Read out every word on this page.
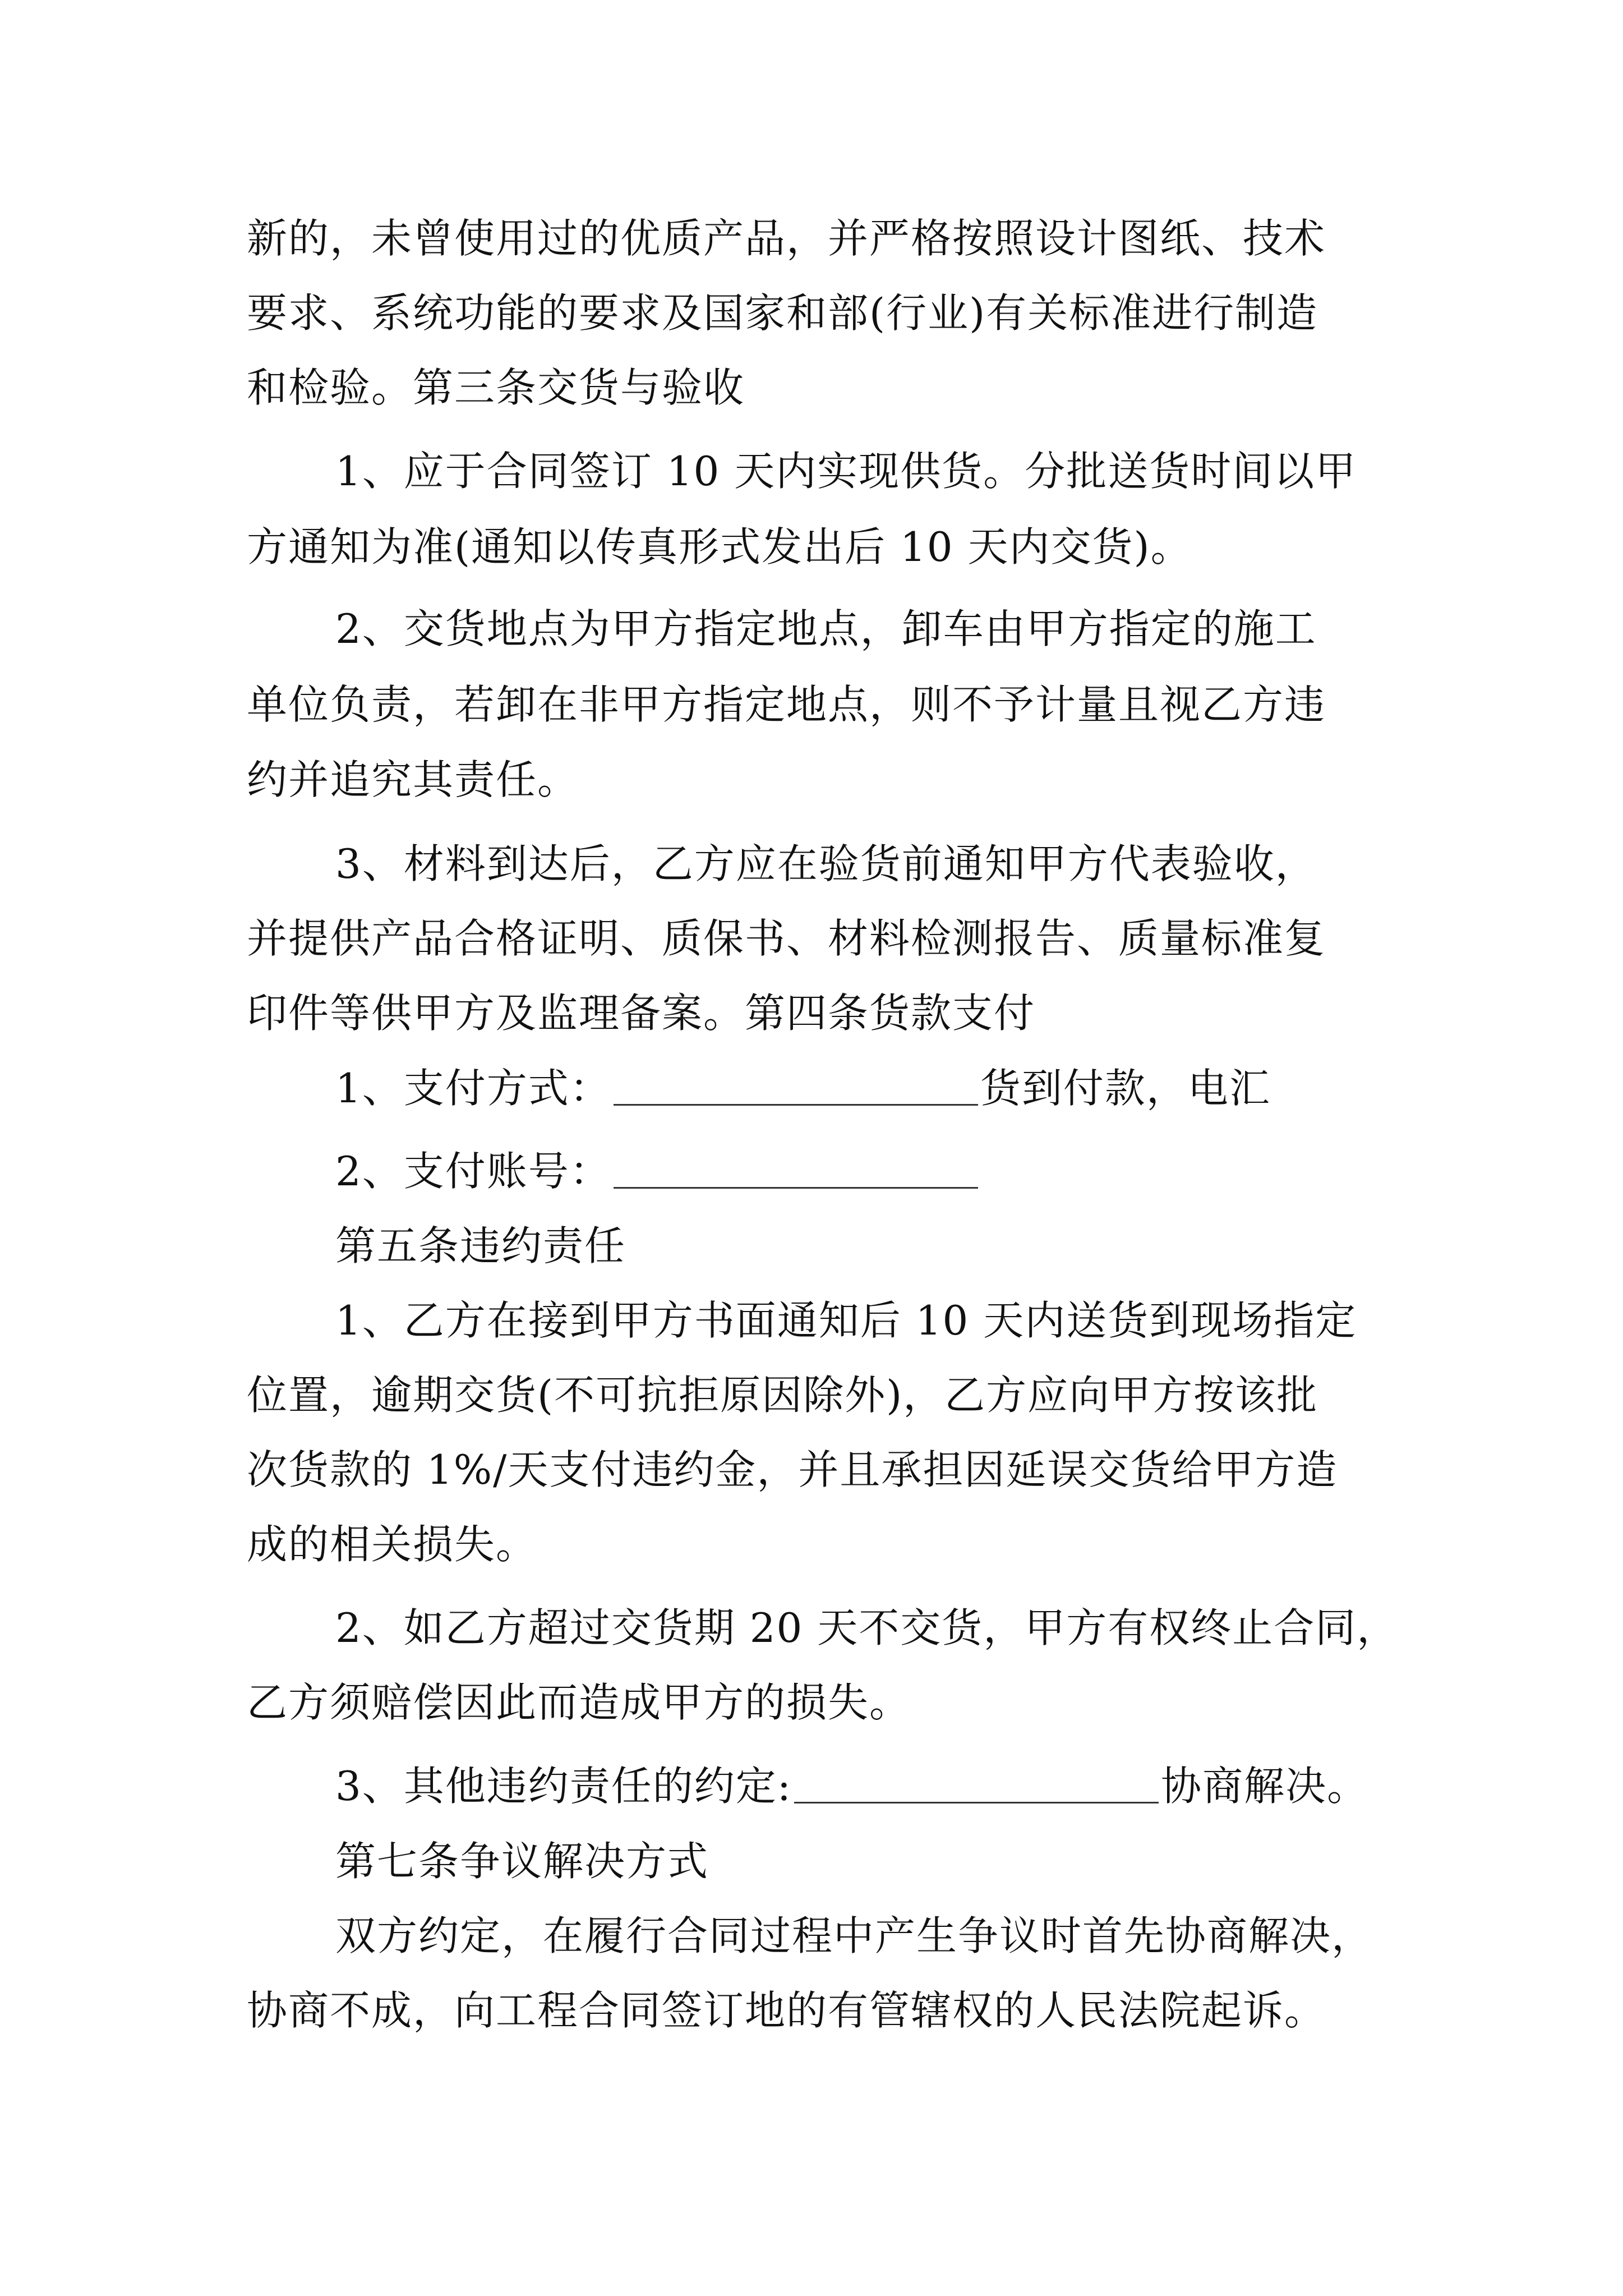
新的，未曾使用过的优质产品，并严格按照设计图纸、技术
要求、系统功能的要求及国家和部(行业)有关标准进行制造
和检验。第三条交货与验收
1、应于合同签订 10 天内实现供货。分批送货时间以甲
方通知为准(通知以传真形式发出后 10 天内交货)。
2、交货地点为甲方指定地点，卸车由甲方指定的施工
单位负责，若卸在非甲方指定地点，则不予计量且视乙方违
约并追究其责任。
3、材料到达后，乙方应在验货前通知甲方代表验收，
并提供产品合格证明、质保书、材料检测报告、质量标准复
印件等供甲方及监理备案。第四条货款支付
1、支付方式：	货到付款，电汇
2、支付账号：
第五条违约责任
1、乙方在接到甲方书面通知后 10 天内送货到现场指定
位置，逾期交货(不可抗拒原因除外)，乙方应向甲方按该批
次货款的 1%/天支付违约金，并且承担因延误交货给甲方造
成的相关损失。
2、如乙方超过交货期 20 天不交货，甲方有权终止合同，
乙方须赔偿因此而造成甲方的损失。
3、其他违约责任的约定:	协商解决。
第七条争议解决方式
双方约定，在履行合同过程中产生争议时首先协商解决，
协商不成，向工程合同签订地的有管辖权的人民法院起诉。
